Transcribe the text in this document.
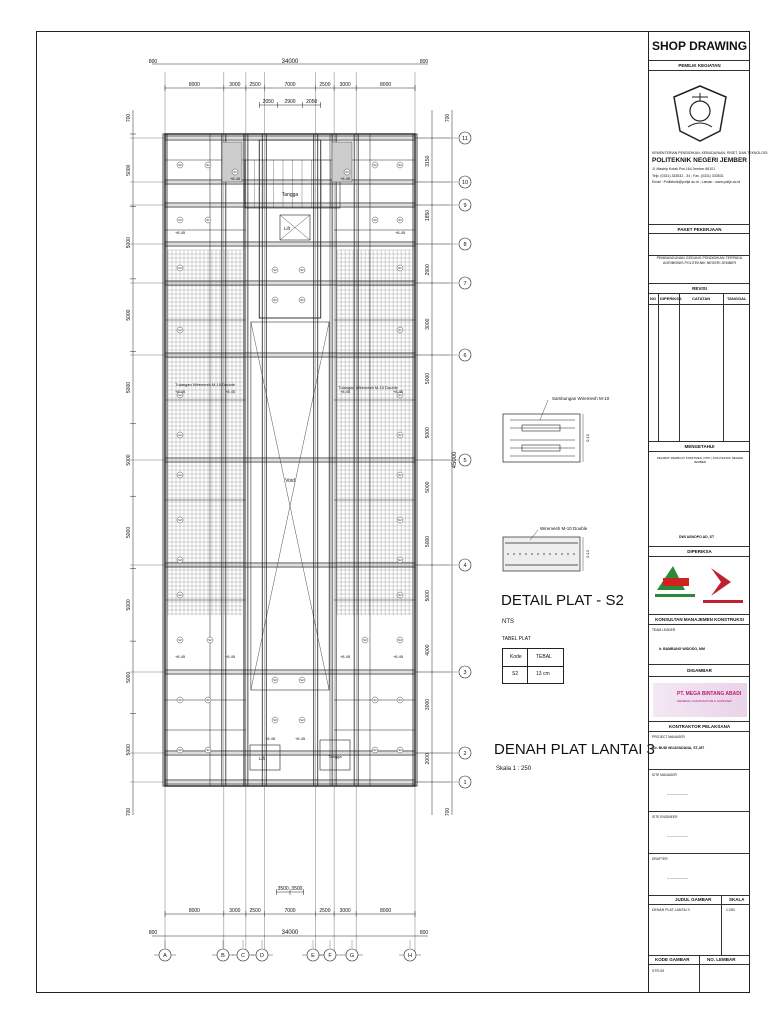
Void
Tangga
Lift
Lift	Tangga
S2	S2
S2
S2	S2
S2
S2
S2
S2
S2
S2
S2
S2
S2
S2
S2	S2
S2	S2
S2	S2
S2
S2	S2
S2
S2
S2
S2
S2
S2
S2
S2
S2	S2
S2	S2
S2	S2
S2	S2
S2	S2
S2	S2
S2	S2
+8.45
+8.45	+8.45
+8.45
+8.45	+8.45	+8.45	+8.45
+8.45	+8.45	+8.45	+8.45
+8.45	+8.45
Tulangan Wiremesh M-10 Double
Tulangan Wiremesh M-10 Double
800	800
34000
8000	3000 2500	7000	2500 3000	8000
2050 2900 2050
3500 3500
8000	3000 2500	7000	2500 3000	8000
800	800
34000
700
700
5000
5000
5000
5000
5000
5000
5000
5000
5000
700
700
45000
3150
1850
2900
3000
5000
5000
5000
5000
5000
4000
3000
2000
11
10
9
8
7
6
5
4
3
2
1
A	B	C	D	E F	G	H
0.13
0.13
SHOP DRAWING
PEMILIK KEGIATAN
KEMENTERIAN PENDIDIKAN, KEBUDAYAAN, RISET, DAN TEKNOLOGI
POLITEKNIK NEGERI JEMBER
Jl. Mastrip Kotak Pos 164 Jember 68101
Telp. (0331) 333532 - 34 ; Fax. (0331) 333531
Email : Politeknik@polije.ac.id ; Laman : www.polije.ac.id
PAKET PEKERJAAN
PEMBANGUNAN GEDUNG PENDIDIKAN TERPADU AGRIBISNIS POLITEKNIK NEGERI JEMBER
REVISI
NO DIPERIKSA	CATATAN	TANGGAL
MENGETAHUI
PEJABAT PEMBUAT KOMITMEN ( PPK ) POLITEKNIK NEGERI JEMBER
DWI ASNOPO AD, ST
DIPERIKSA
KONSULTAN MANAJEMEN KONSTRUKSI
TEAM LEADER
Ir. BAMBANG WIDODO, MM
DIGAMBAR
PT. MEGA BINTANG ABADI
GENERAL CONTRACTOR & SUPPLIER
KONTRAKTOR PELAKSANA
PROJECT MANAGER
Dr. BUDI WIJAYADANA, ST.,MT
SITE MANAGER
------------------
SITE ENGINEER
------------------
DRAFTER
------------------
JUDUL GAMBAR	SKALA
DENAH PLAT LANTAI 3	1:250
KODE GAMBAR	NO. LEMBAR
STR-09
DETAIL PLAT - S2
NTS
TABEL PLAT
Kode	TEBAL
S2	13 cm
DENAH PLAT LANTAI 3
Skala 1 : 250
Sambungan Wiremesh M-10
Wiremesh M-10 Double
